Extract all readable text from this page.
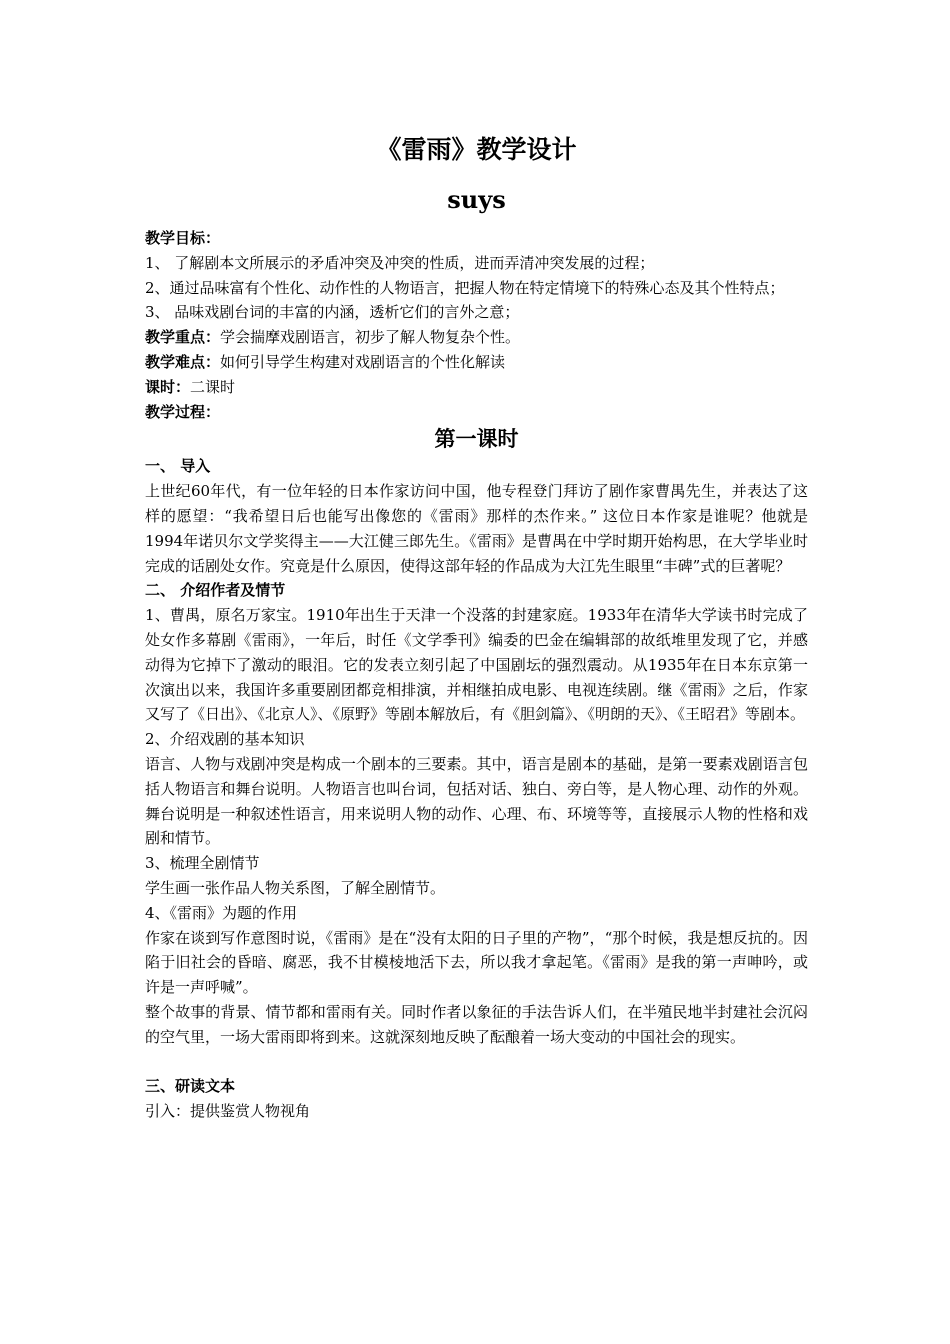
《雷雨》教学设计
suys

教学目标：

1、 了解剧本文所展示的矛盾冲突及冲突的性质，进而弄清冲突发展的过程；

2、通过品味富有个性化、动作性的人物语言，把握人物在特定情境下的特殊心态及其个性特点；

3、 品味戏剧台词的丰富的内涵，透析它们的言外之意；

教学重点：学会揣摩戏剧语言，初步了解人物复杂个性。

教学难点：如何引导学生构建对戏剧语言的个性化解读

课时：二课时

教学过程：

第一课时

一、 导入

上世纪60年代，有一位年轻的日本作家访问中国，他专程登门拜访了剧作家曹禺先生，并表达了这样的愿望：“我希望日后也能写出像您的《雷雨》那样的杰作来。” 这位日本作家是谁呢？他就是1994年诺贝尔文学奖得主——大江健三郎先生。《雷雨》是曹禺在中学时期开始构思，在大学毕业时完成的话剧处女作。究竟是什么原因，使得这部年轻的作品成为大江先生眼里“丰碑”式的巨著呢？

二、 介绍作者及情节

1、曹禺，原名万家宝。1910年出生于天津一个没落的封建家庭。1933年在清华大学读书时完成了处女作多幕剧《雷雨》，一年后，时任《文学季刊》编委的巴金在编辑部的故纸堆里发现了它，并感动得为它掉下了激动的眼泪。它的发表立刻引起了中国剧坛的强烈震动。从1935年在日本东京第一次演出以来，我国许多重要剧团都竞相排演，并相继拍成电影、电视连续剧。继《雷雨》之后，作家又写了《日出》、《北京人》、《原野》等剧本解放后，有《胆剑篇》、《明朗的天》、《王昭君》等剧本。

2、介绍戏剧的基本知识

语言、人物与戏剧冲突是构成一个剧本的三要素。其中，语言是剧本的基础，是第一要素戏剧语言包括人物语言和舞台说明。人物语言也叫台词，包括对话、独白、旁白等，是人物心理、动作的外观。舞台说明是一种叙述性语言，用来说明人物的动作、心理、布、环境等等，直接展示人物的性格和戏剧和情节。

3、梳理全剧情节

学生画一张作品人物关系图，了解全剧情节。

4、《雷雨》为题的作用

作家在谈到写作意图时说，《雷雨》是在“没有太阳的日子里的产物”，“那个时候，我是想反抗的。因陷于旧社会的昏暗、腐恶，我不甘模棱地活下去，所以我才拿起笔。《雷雨》是我的第一声呻吟，或许是一声呼喊”。

整个故事的背景、情节都和雷雨有关。同时作者以象征的手法告诉人们，在半殖民地半封建社会沉闷的空气里，一场大雷雨即将到来。这就深刻地反映了酝酿着一场大变动的中国社会的现实。

三、研读文本

引入：提供鉴赏人物视角
